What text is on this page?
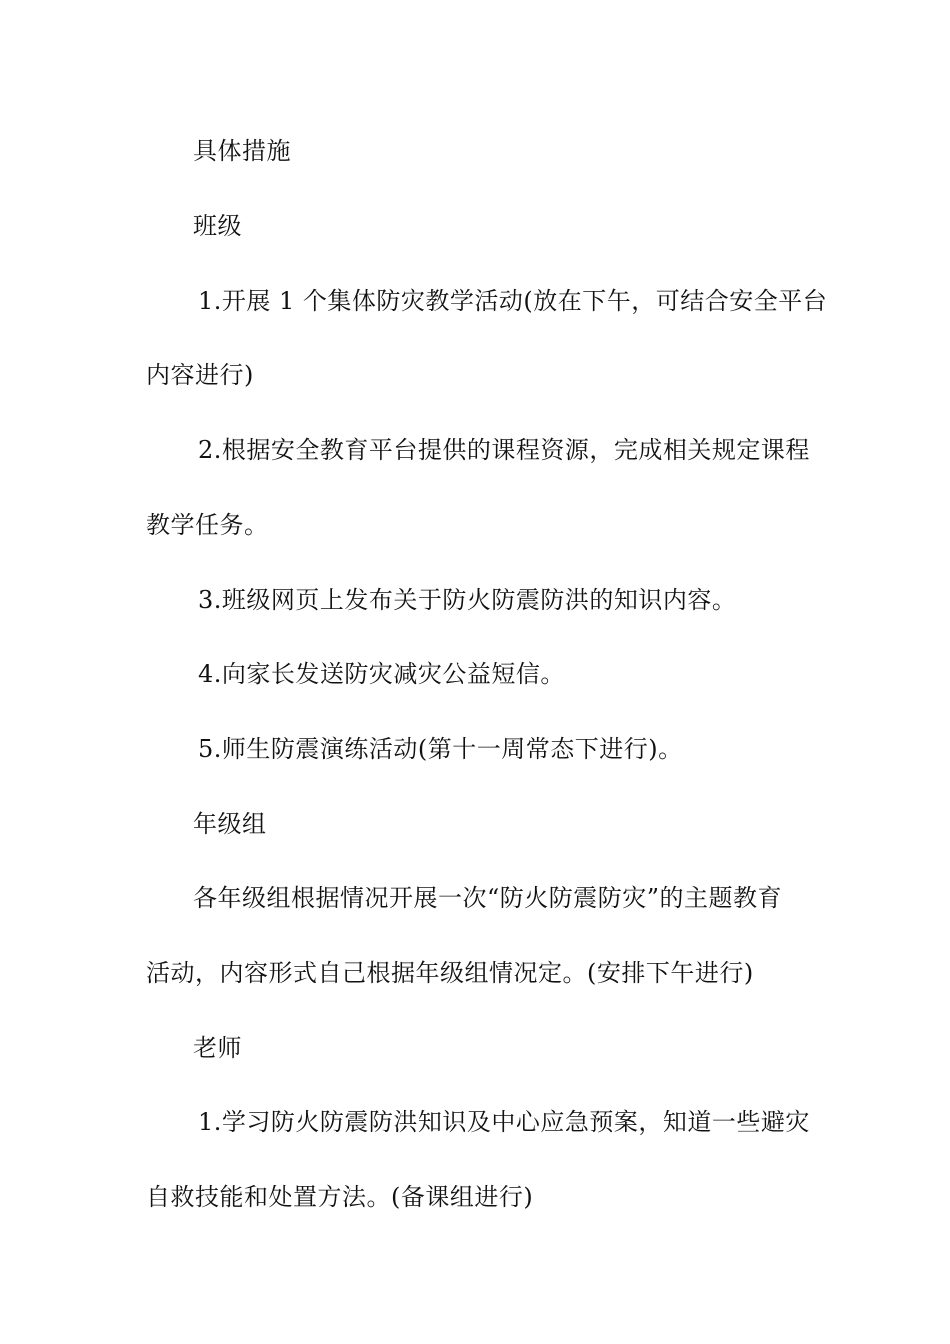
具体措施
班级
1.开展 1 个集体防灾教学活动(放在下午，可结合安全平台
内容进行)
2.根据安全教育平台提供的课程资源，完成相关规定课程
教学任务。
3.班级网页上发布关于防火防震防洪的知识内容。
4.向家长发送防灾减灾公益短信。
5.师生防震演练活动(第十一周常态下进行)。
年级组
各年级组根据情况开展一次“防火防震防灾”的主题教育
活动，内容形式自己根据年级组情况定。(安排下午进行)
老师
1.学习防火防震防洪知识及中心应急预案，知道一些避灾
自救技能和处置方法。(备课组进行)
